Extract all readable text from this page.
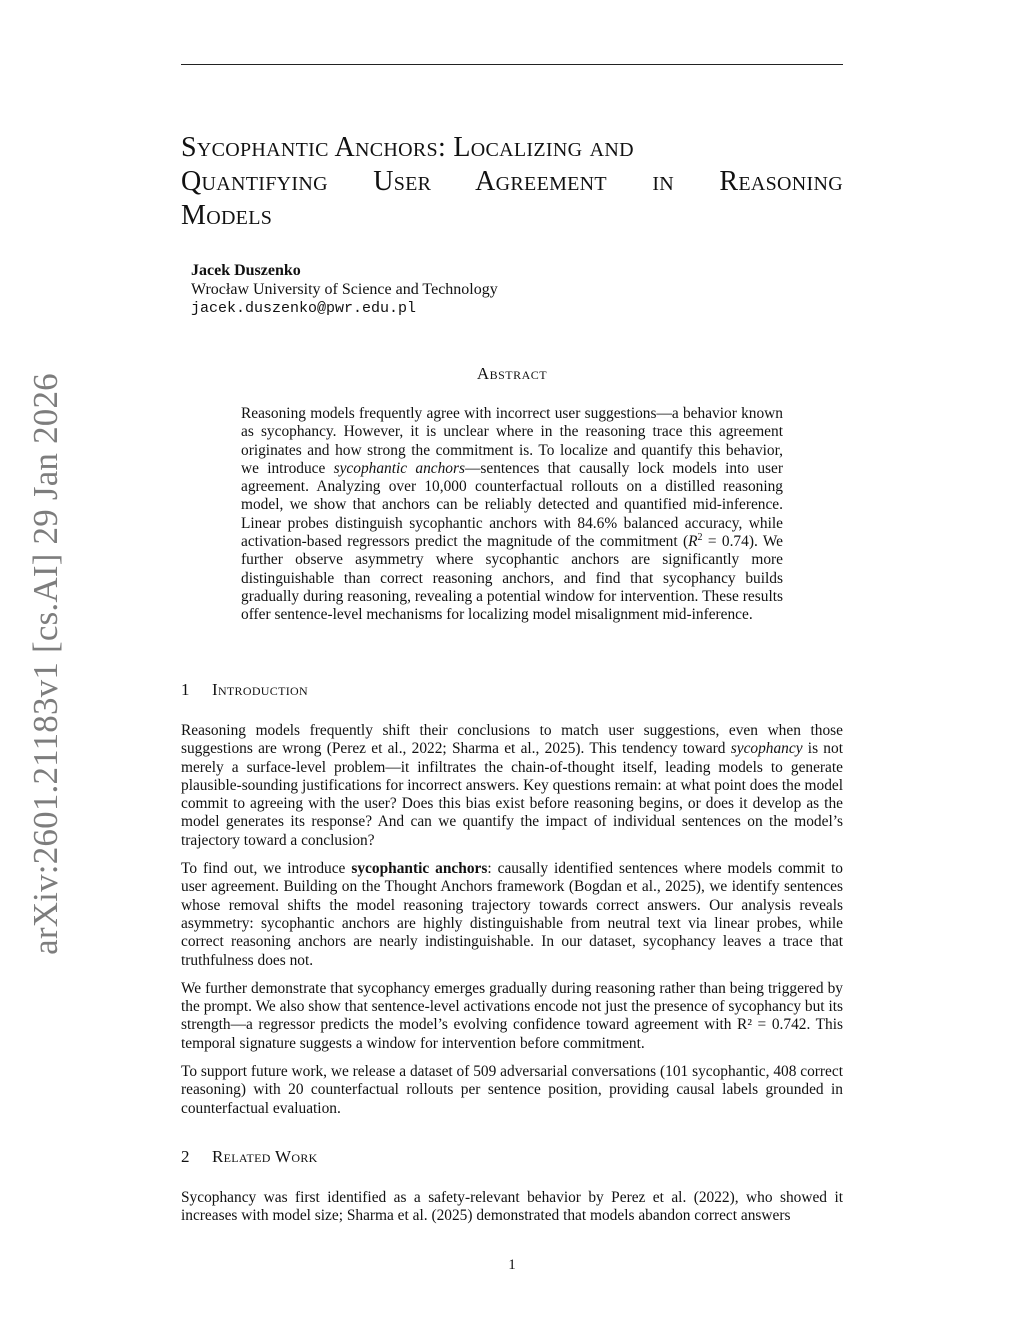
arXiv:2601.21183v1 [cs.AI] 29 Jan 2026
Sycophantic Anchors: Localizing and
Quantifying User Agreement in Reasoning
Models
Jacek Duszenko
Wrocław University of Science and Technology
jacek.duszenko@pwr.edu.pl
Abstract

Reasoning models frequently agree with incorrect user suggestions—a behavior known as sycophancy. However, it is unclear where in the reasoning trace this agreement originates and how strong the commitment is. To localize and quantify this behavior, we introduce sycophantic anchors—sentences that causally lock models into user agreement. Analyzing over 10,000 counterfactual rollouts on a distilled reasoning model, we show that anchors can be reliably detected and quantified mid-inference. Linear probes distinguish sycophantic anchors with 84.6% balanced accuracy, while activation-based regressors predict the magnitude of the commitment $(R^2 = 0.74)$. We further observe asymmetry where sycophantic anchors are significantly more distinguishable than correct reasoning anchors, and find that sycophancy builds gradually during reasoning, revealing a potential window for intervention. These results offer sentence-level mechanisms for localizing model misalignment mid-inference.

1 Introduction

Reasoning models frequently shift their conclusions to match user suggestions, even when those suggestions are wrong (Perez et al., 2022; Sharma et al., 2025). This tendency toward sycophancy is not merely a surface-level problem—it infiltrates the chain-of-thought itself, leading models to generate plausible-sounding justifications for incorrect answers. Key questions remain: at what point does the model commit to agreeing with the user? Does this bias exist before reasoning begins, or does it develop as the model generates its response? And can we quantify the impact of individual sentences on the model’s trajectory toward a conclusion?

To find out, we introduce sycophantic anchors: causally identified sentences where models commit to user agreement. Building on the Thought Anchors framework (Bogdan et al., 2025), we identify sentences whose removal shifts the model reasoning trajectory towards correct answers. Our analysis reveals asymmetry: sycophantic anchors are highly distinguishable from neutral text via linear probes, while correct reasoning anchors are nearly indistinguishable. In our dataset, sycophancy leaves a trace that truthfulness does not.

We further demonstrate that sycophancy emerges gradually during reasoning rather than being triggered by the prompt. We also show that sentence-level activations encode not just the presence of sycophancy but its strength—a regressor predicts the model’s evolving confidence toward agreement with R² = 0.742. This temporal signature suggests a window for intervention before commitment.

To support future work, we release a dataset of 509 adversarial conversations (101 sycophantic, 408 correct reasoning) with 20 counterfactual rollouts per sentence position, providing causal labels grounded in counterfactual evaluation.

2 Related Work

Sycophancy was first identified as a safety-relevant behavior by Perez et al. (2022), who showed it increases with model size; Sharma et al. (2025) demonstrated that models abandon correct answers

1
